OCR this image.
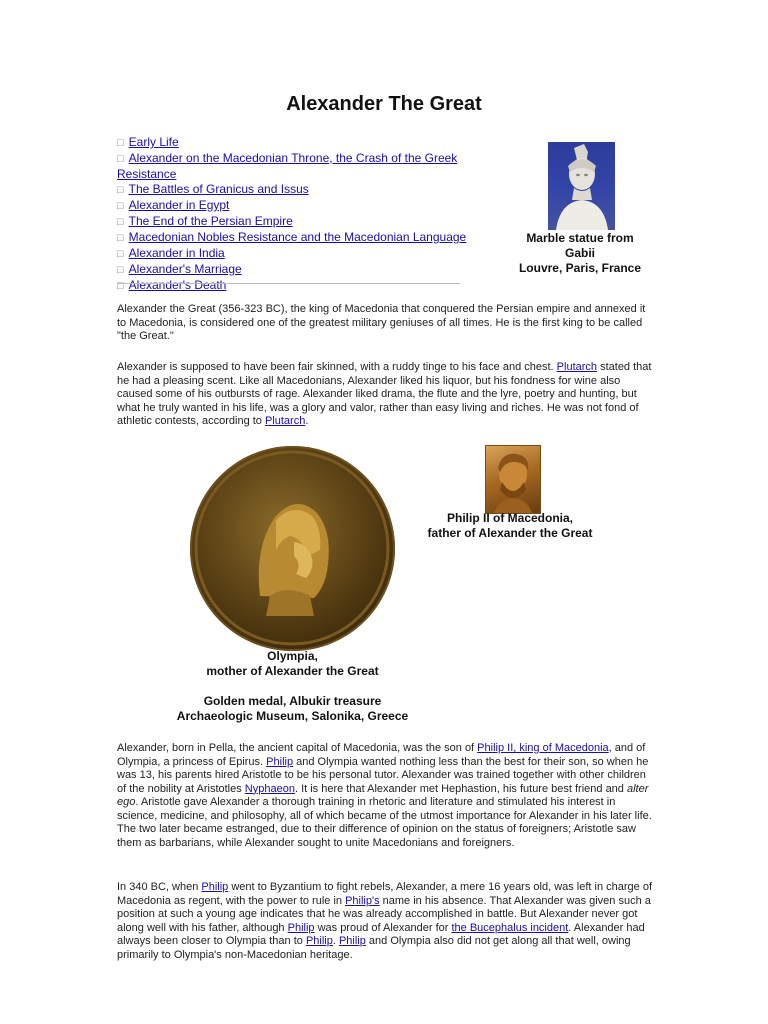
Alexander The Great
□ Early Life
□ Alexander on the Macedonian Throne, the Crash of the Greek Resistance
□ The Battles of Granicus and Issus
□ Alexander in Egypt
□ The End of the Persian Empire
□ Macedonian Nobles Resistance and the Macedonian Language
□ Alexander in India
□ Alexander's Marriage
□ Alexander's Death
Marble statue from
Gabii
Louvre, Paris, France
Alexander the Great (356-323 BC), the king of Macedonia that conquered the Persian empire and annexed it to Macedonia, is considered one of the greatest military geniuses of all times. He is the first king to be called "the Great."
Alexander is supposed to have been fair skinned, with a ruddy tinge to his face and chest. Plutarch stated that he had a pleasing scent. Like all Macedonians, Alexander liked his liquor, but his fondness for wine also caused some of his outbursts of rage. Alexander liked drama, the flute and the lyre, poetry and hunting, but what he truly wanted in his life, was a glory and valor, rather than easy living and riches. He was not fond of athletic contests, according to Plutarch.
Olympia,
mother of Alexander the Great
Golden medal, Albukir treasure
Archaeologic Museum, Salonika, Greece
Philip II of Macedonia,
father of Alexander the Great
Alexander, born in Pella, the ancient capital of Macedonia, was the son of Philip II, king of Macedonia, and of Olympia, a princess of Epirus. Philip and Olympia wanted nothing less than the best for their son, so when he was 13, his parents hired Aristotle to be his personal tutor. Alexander was trained together with other children of the nobility at Aristotles Nyphaeon. It is here that Alexander met Hephastion, his future best friend and alter ego. Aristotle gave Alexander a thorough training in rhetoric and literature and stimulated his interest in science, medicine, and philosophy, all of which became of the utmost importance for Alexander in his later life. The two later became estranged, due to their difference of opinion on the status of foreigners; Aristotle saw them as barbarians, while Alexander sought to unite Macedonians and foreigners.
In 340 BC, when Philip went to Byzantium to fight rebels, Alexander, a mere 16 years old, was left in charge of Macedonia as regent, with the power to rule in Philip's name in his absence. That Alexander was given such a position at such a young age indicates that he was already accomplished in battle. But Alexander never got along well with his father, although Philip was proud of Alexander for the Bucephalus incident. Alexander had always been closer to Olympia than to Philip. Philip and Olympia also did not get along all that well, owing primarily to Olympia's non-Macedonian heritage.
